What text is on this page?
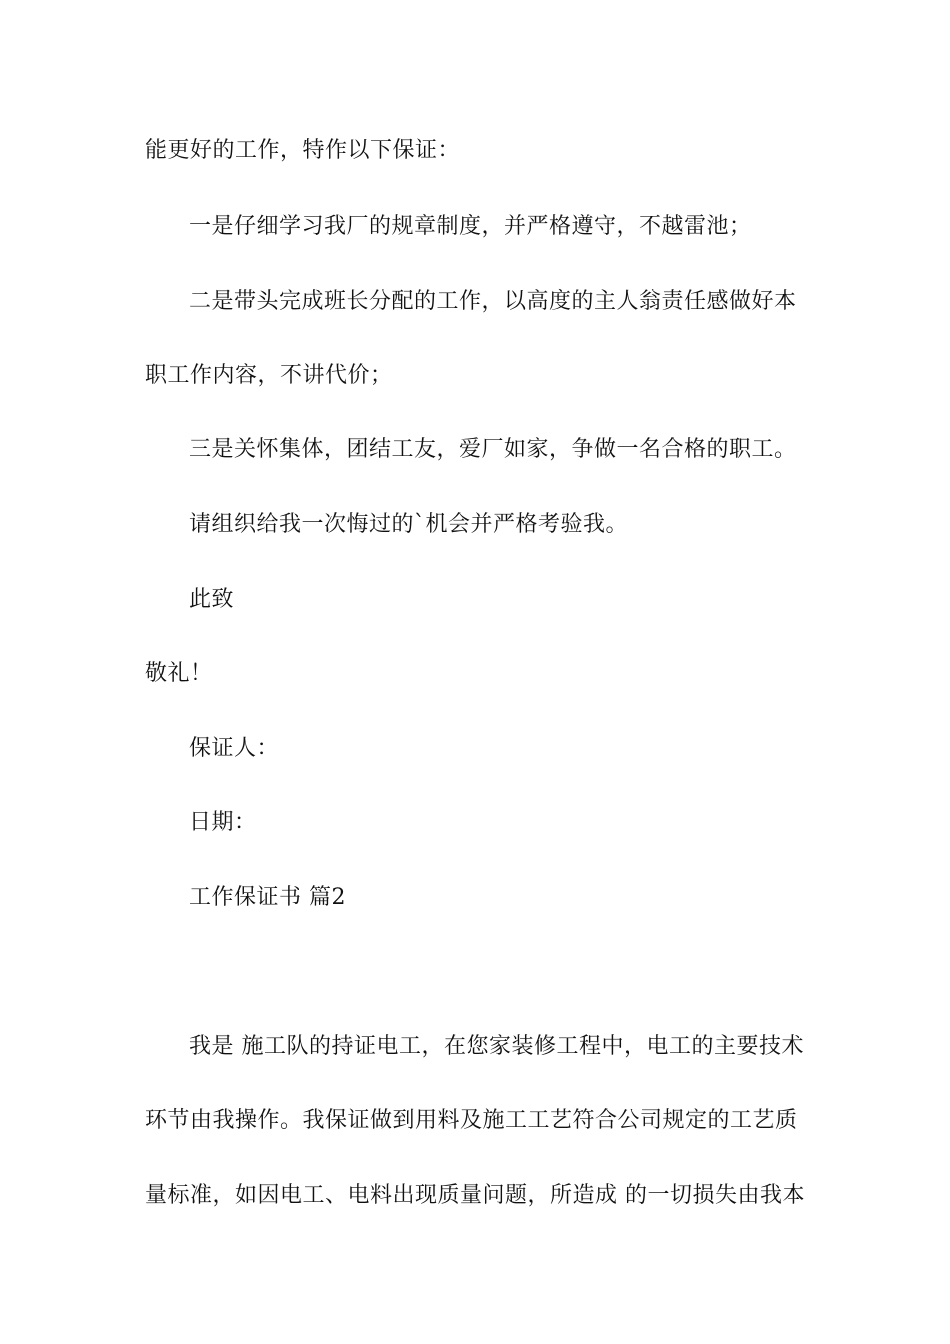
能更好的工作，特作以下保证：
一是仔细学习我厂的规章制度，并严格遵守，不越雷池；
二是带头完成班长分配的工作，以高度的主人翁责任感做好本
职工作内容，不讲代价；
三是关怀集体，团结工友，爱厂如家，争做一名合格的职工。
请组织给我一次悔过的`机会并严格考验我。
此致
敬礼！
保证人：
日期：
工作保证书 篇2
我是 施工队的持证电工，在您家装修工程中，电工的主要技术
环节由我操作。我保证做到用料及施工工艺符合公司规定的工艺质
量标准，如因电工、电料出现质量问题，所造成 的一切损失由我本
